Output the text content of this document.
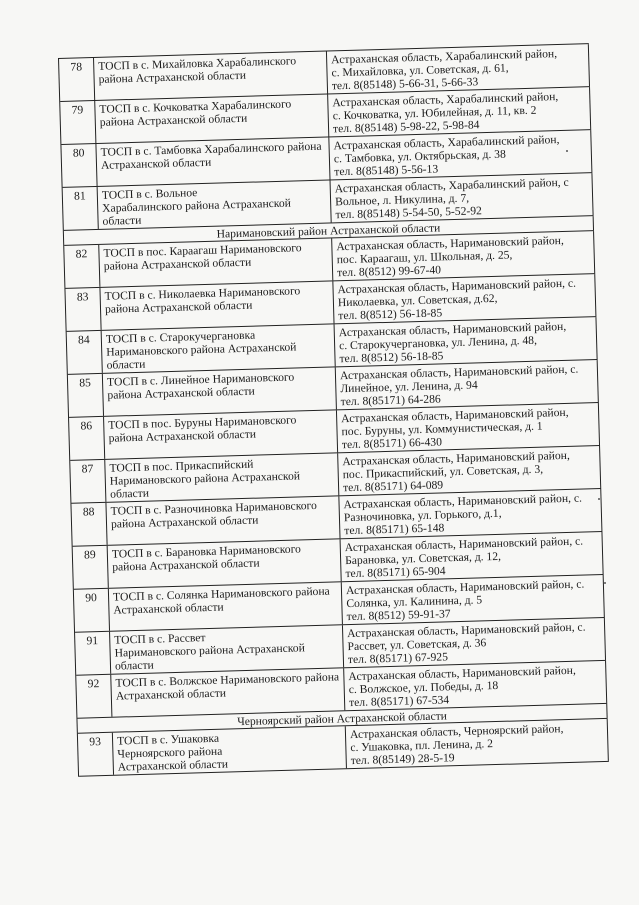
78	ТОСП в с. Михайловка Харабалинского района Астраханской области
Астраханская область, Харабалинский район,
с. Михайловка, ул. Советская, д. 61,
тел. 8(85148) 5-66-31, 5-66-33
79	ТОСП в с. Кочковатка Харабалинского района Астраханской области
Астраханская область, Харабалинский район,
с. Кочковатка, ул. Юбилейная, д. 11, кв. 2
тел. 8(85148) 5-98-22, 5-98-84
80	ТОСП в с. Тамбовка Харабалинского района Астраханской области
Астраханская область, Харабалинский район,
с. Тамбовка, ул. Октябрьская, д. 38
тел. 8(85148) 5-56-13
81	ТОСП в с. Вольное
Харабалинского района Астраханской области
Астраханская область, Харабалинский район, с
Вольное, л. Никулина, д. 7,
тел. 8(85148) 5-54-50, 5-52-92
Наримановский район Астраханской области
82	ТОСП в пос. Караагаш Наримановского района Астраханской области
Астраханская область, Наримановский район,
пос. Караагаш, ул. Школьная, д. 25,
тел. 8(8512) 99-67-40
83	ТОСП в с. Николаевка Наримановского района Астраханской области
Астраханская область, Наримановский район, с.
Николаевка, ул. Советская, д.62,
тел. 8(8512) 56-18-85
84	ТОСП в с. Старокучергановка Наримановского района Астраханской области
Астраханская область, Наримановский район,
с. Старокучергановка, ул. Ленина, д. 48,
тел. 8(8512) 56-18-85
85	ТОСП в с. Линейное Наримановского района Астраханской области
Астраханская область, Наримановский район, с.
Линейное, ул. Ленина, д. 94
тел. 8(85171) 64-286
86	ТОСП в пос. Буруны Наримановского района Астраханской области
Астраханская область, Наримановский район,
пос. Буруны, ул. Коммунистическая, д. 1
тел. 8(85171) 66-430
87	ТОСП в пос. Прикаспийский Наримановского района Астраханской области
Астраханская область, Наримановский район,
пос. Прикаспийский, ул. Советская, д. 3,
тел. 8(85171) 64-089
88	ТОСП в с. Разночиновка Наримановского района Астраханской области
Астраханская область, Наримановский район, с.
Разночиновка, ул. Горького, д.1,
тел. 8(85171) 65-148
89	ТОСП в с. Барановка Наримановского района Астраханской области
Астраханская область, Наримановский район, с.
Барановка, ул. Советская, д. 12,
тел. 8(85171) 65-904
90	ТОСП в с. Солянка Наримановского района Астраханской области
Астраханская область, Наримановский район, с.
Солянка, ул. Калинина, д. 5
тел. 8(8512) 59-91-37
91	ТОСП в с. Рассвет
Наримановского района Астраханской области
Астраханская область, Наримановский район, с.
Рассвет, ул. Советская, д. 36
тел. 8(85171) 67-925
92	ТОСП в с. Волжское Наримановского района Астраханской области
Астраханская область, Наримановский район,
с. Волжское, ул. Победы, д. 18
тел. 8(85171) 67-534
Черноярский район Астраханской области
93	ТОСП в с. Ушаковка
Черноярского района
Астраханской области
Астраханская область, Черноярский район,
с. Ушаковка, пл. Ленина, д. 2
тел. 8(85149) 28-5-19
